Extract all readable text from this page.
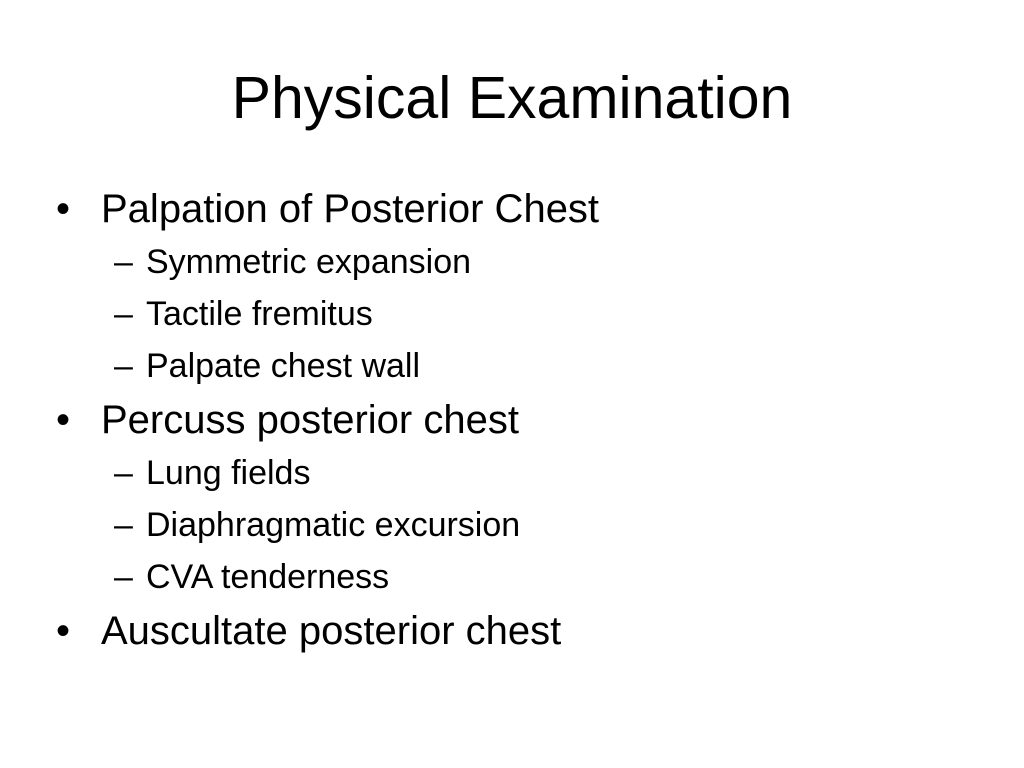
Physical Examination
• Palpation of Posterior Chest
– Symmetric expansion
– Tactile fremitus
– Palpate chest wall
• Percuss posterior chest
– Lung fields
– Diaphragmatic excursion
– CVA tenderness
• Auscultate posterior chest
